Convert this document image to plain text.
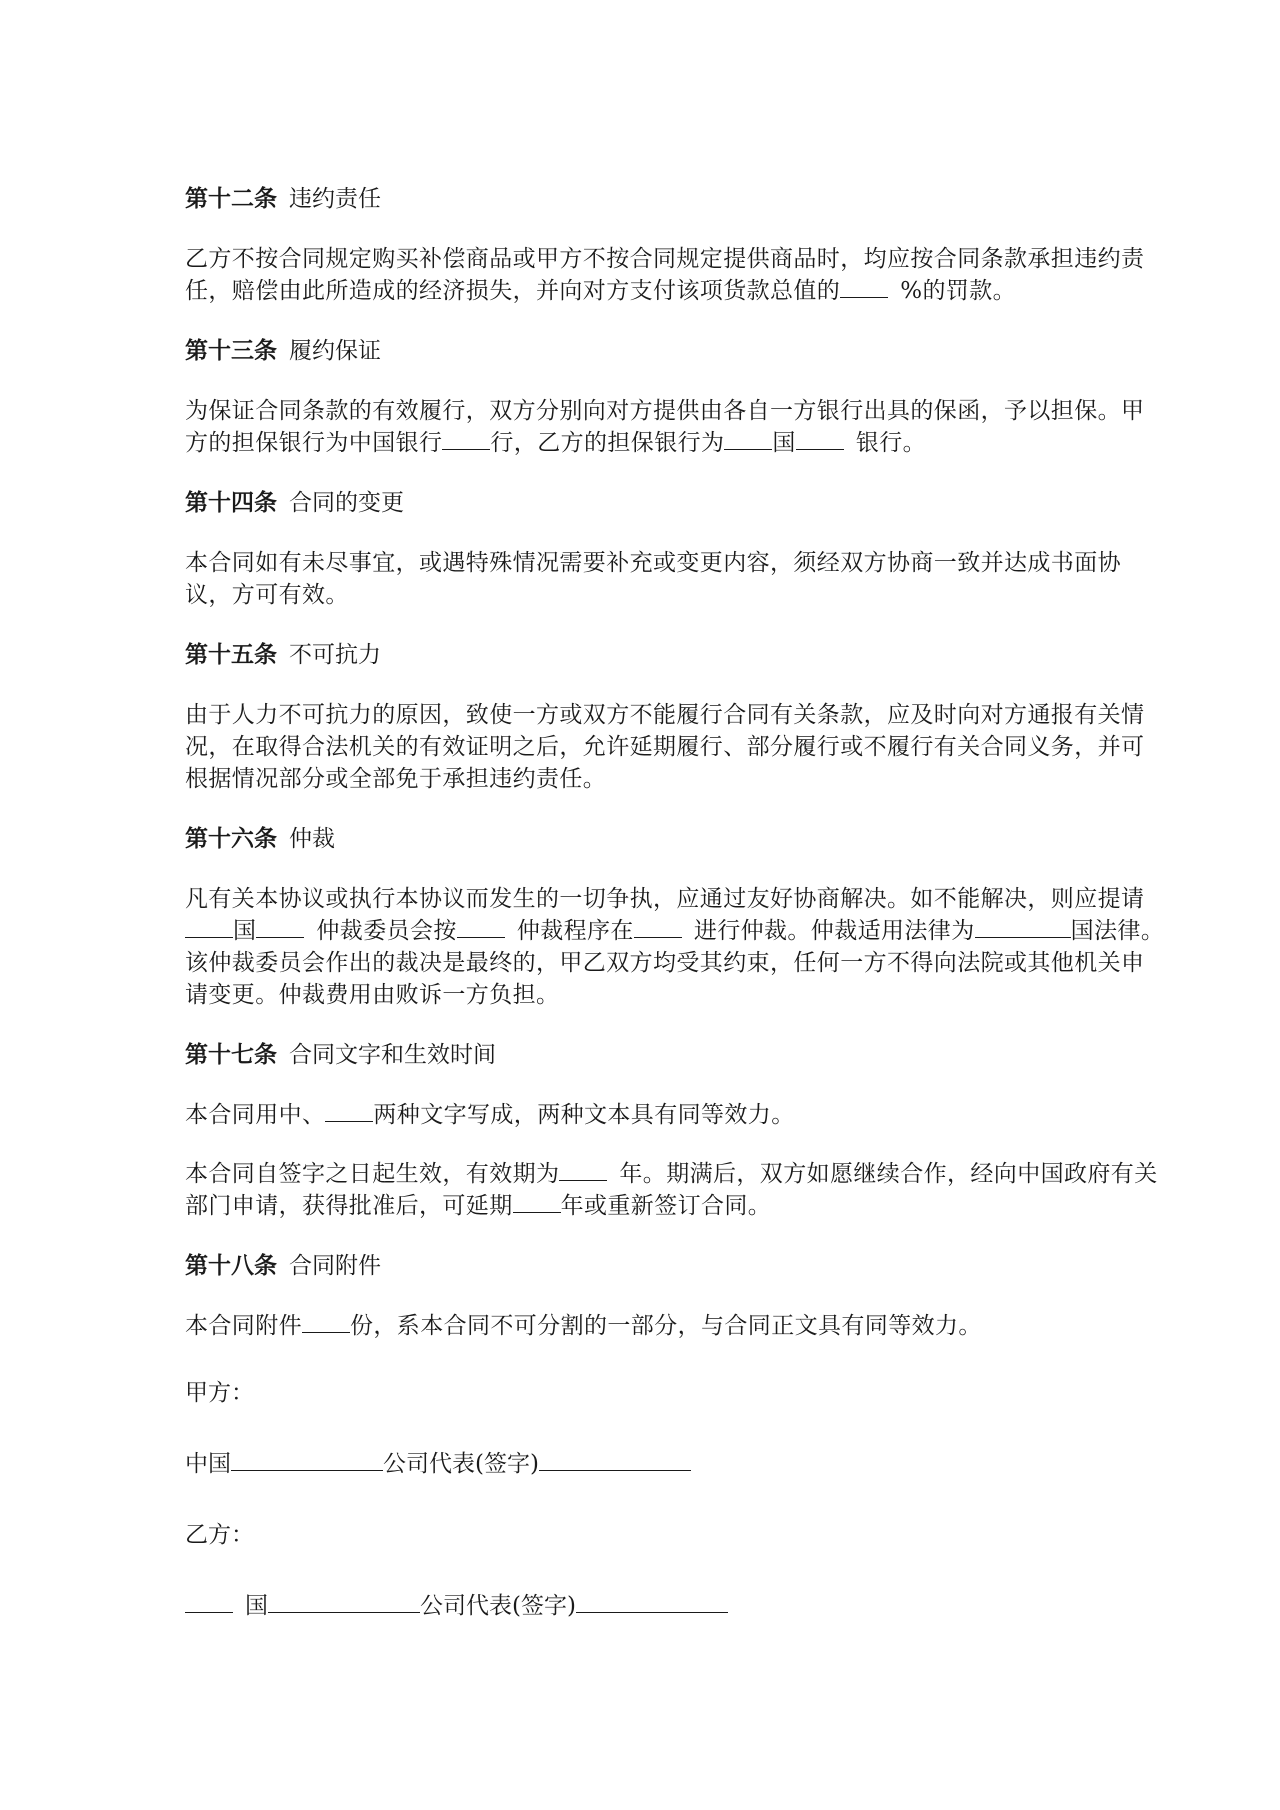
第十二条 违约责任
乙方不按合同规定购买补偿商品或甲方不按合同规定提供商品时，均应按合同条款承担违约责任，赔偿由此所造成的经济损失，并向对方支付该项货款总值的	%的罚款。
第十三条 履约保证
为保证合同条款的有效履行，双方分别向对方提供由各自一方银行出具的保函，予以担保。甲方的担保银行为中国银行 行，乙方的担保银行为 国	银行。
第十四条 合同的变更
本合同如有未尽事宜，或遇特殊情况需要补充或变更内容，须经双方协商一致并达成书面协议，方可有效。
第十五条 不可抗力
由于人力不可抗力的原因，致使一方或双方不能履行合同有关条款，应及时向对方通报有关情况，在取得合法机关的有效证明之后，允许延期履行、部分履行或不履行有关合同义务，并可根据情况部分或全部免于承担违约责任。
第十六条 仲裁
凡有关本协议或执行本协议而发生的一切争执，应通过友好协商解决。如不能解决，则应提请国	仲裁委员会按	仲裁程序在	进行仲裁。仲裁适用法律为	国法律。该仲裁委员会作出的裁决是最终的，甲乙双方均受其约束，任何一方不得向法院或其他机关申请变更。仲裁费用由败诉一方负担。
第十七条 合同文字和生效时间
本合同用中、 两种文字写成，两种文本具有同等效力。
本合同自签字之日起生效，有效期为	年。期满后，双方如愿继续合作，经向中国政府有关部门申请，获得批准后，可延期 年或重新签订合同。
第十八条 合同附件
本合同附件 份，系本合同不可分割的一部分，与合同正文具有同等效力。
甲方：
中国	公司代表(签字)
乙方：
国	公司代表(签字)
